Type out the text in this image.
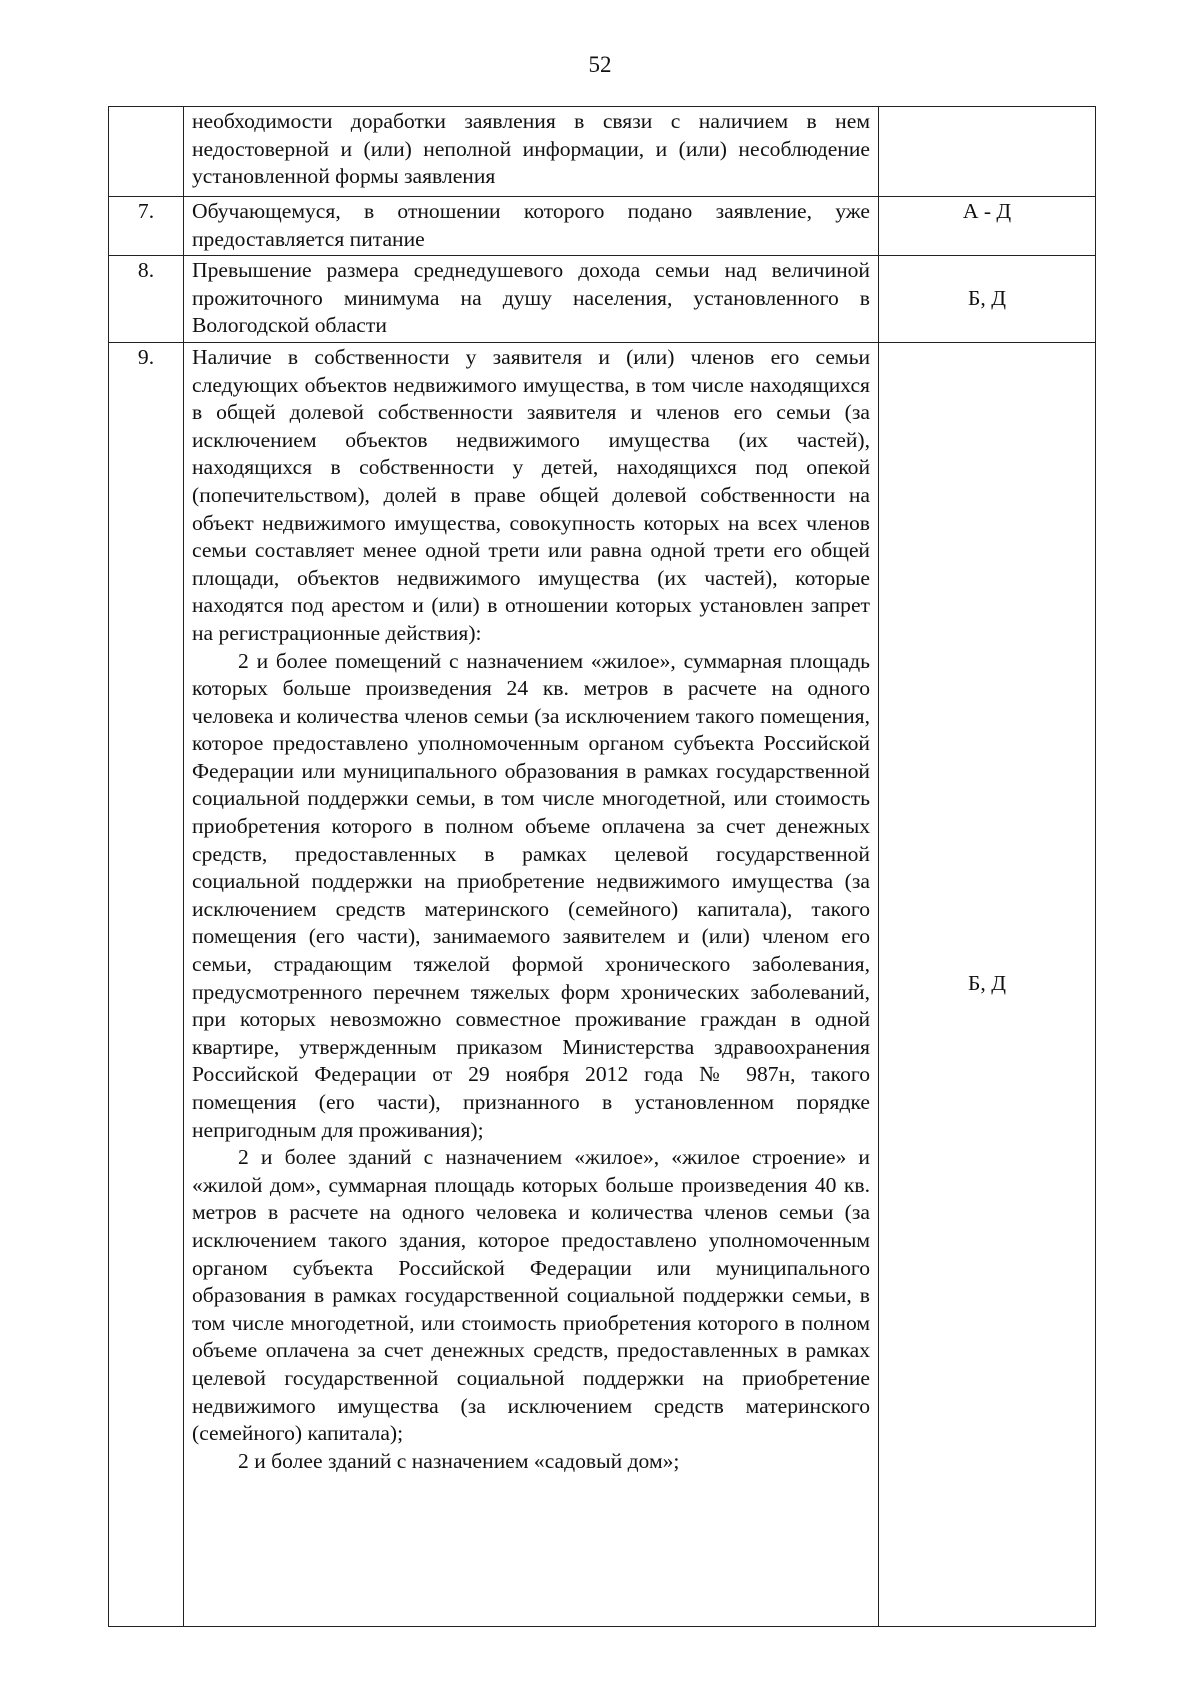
52

	необходимости доработки заявления в связи с наличием в нем недостоверной и (или) неполной информации, и (или) несоблюдение установленной формы заявления	

7.	Обучающемуся, в отношении которого подано заявление, уже предоставляется питание	А - Д
8.	Превышение размера среднедушевого дохода семьи над величиной прожиточного минимума на душу населения, установленного в Вологодской области	Б, Д
9.	Наличие в собственности у заявителя и (или) членов его семьи следующих объектов недвижимого имущества, в том числе находящихся в общей долевой собственности заявителя и членов его семьи (за исключением объектов недвижимого имущества (их частей), находящихся в собственности у детей, находящихся под опекой (попечительством), долей в праве общей долевой собственности на объект недвижимого имущества, совокупность которых на всех членов семьи составляет менее одной трети или равна одной трети его общей площади, объектов недвижимого имущества (их частей), которые находятся под арестом и (или) в отношении которых установлен запрет на регистрационные действия):

2 и более помещений с назначением «жилое», суммарная площадь которых больше произведения 24 кв. метров в расчете на одного человека и количества членов семьи (за исключением такого помещения, которое предоставлено уполномоченным органом субъекта Российской Федерации или муниципального образования в рамках государственной социальной поддержки семьи, в том числе многодетной, или стоимость приобретения которого в полном объеме оплачена за счет денежных средств, предоставленных в рамках целевой государственной социальной поддержки на приобретение недвижимого имущества (за исключением средств материнского (семейного) капитала), такого помещения (его части), занимаемого заявителем и (или) членом его семьи, страдающим тяжелой формой хронического заболевания, предусмотренного перечнем тяжелых форм хронических заболеваний, при которых невозможно совместное проживание граждан в одной квартире, утвержденным приказом Министерства здравоохранения Российской Федерации от 29 ноября 2012 года № 987н, такого помещения (его части), признанного в установленном порядке непригодным для проживания);

2 и более зданий с назначением «жилое», «жилое строение» и «жилой дом», суммарная площадь которых больше произведения 40 кв. метров в расчете на одного человека и количества членов семьи (за исключением такого здания, которое предоставлено уполномоченным органом субъекта Российской Федерации или муниципального образования в рамках государственной социальной поддержки семьи, в том числе многодетной, или стоимость приобретения которого в полном объеме оплачена за счет денежных средств, предоставленных в рамках целевой государственной социальной поддержки на приобретение недвижимого имущества (за исключением средств материнского (семейного) капитала);

2 и более зданий с назначением «садовый дом»;	Б, Д
